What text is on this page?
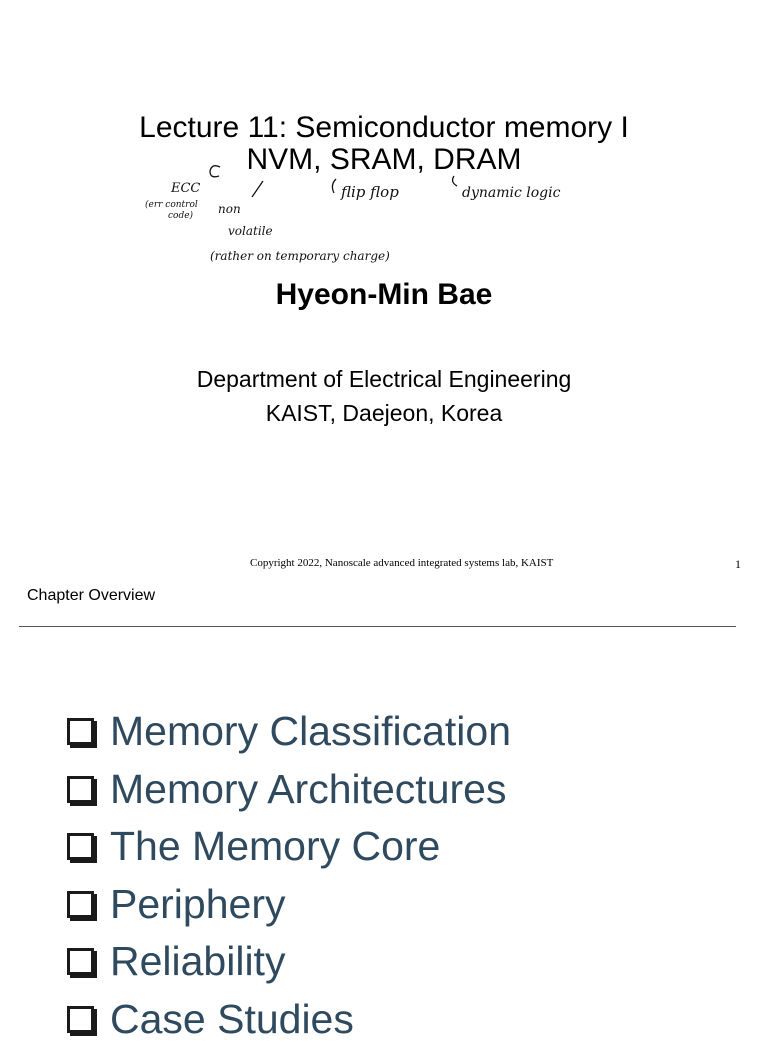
Lecture 11: Semiconductor memory I
NVM, SRAM, DRAM
ECC
(err control
code) non
volatile
(rather on temporary charge)
flip flop	dynamic logic
Hyeon-Min Bae
Department of Electrical Engineering
KAIST, Daejeon, Korea
Copyright 2022, Nanoscale advanced integrated systems lab, KAIST	1
Chapter Overview
Memory Classification
Memory Architectures
The Memory Core
Periphery
Reliability
Case Studies
